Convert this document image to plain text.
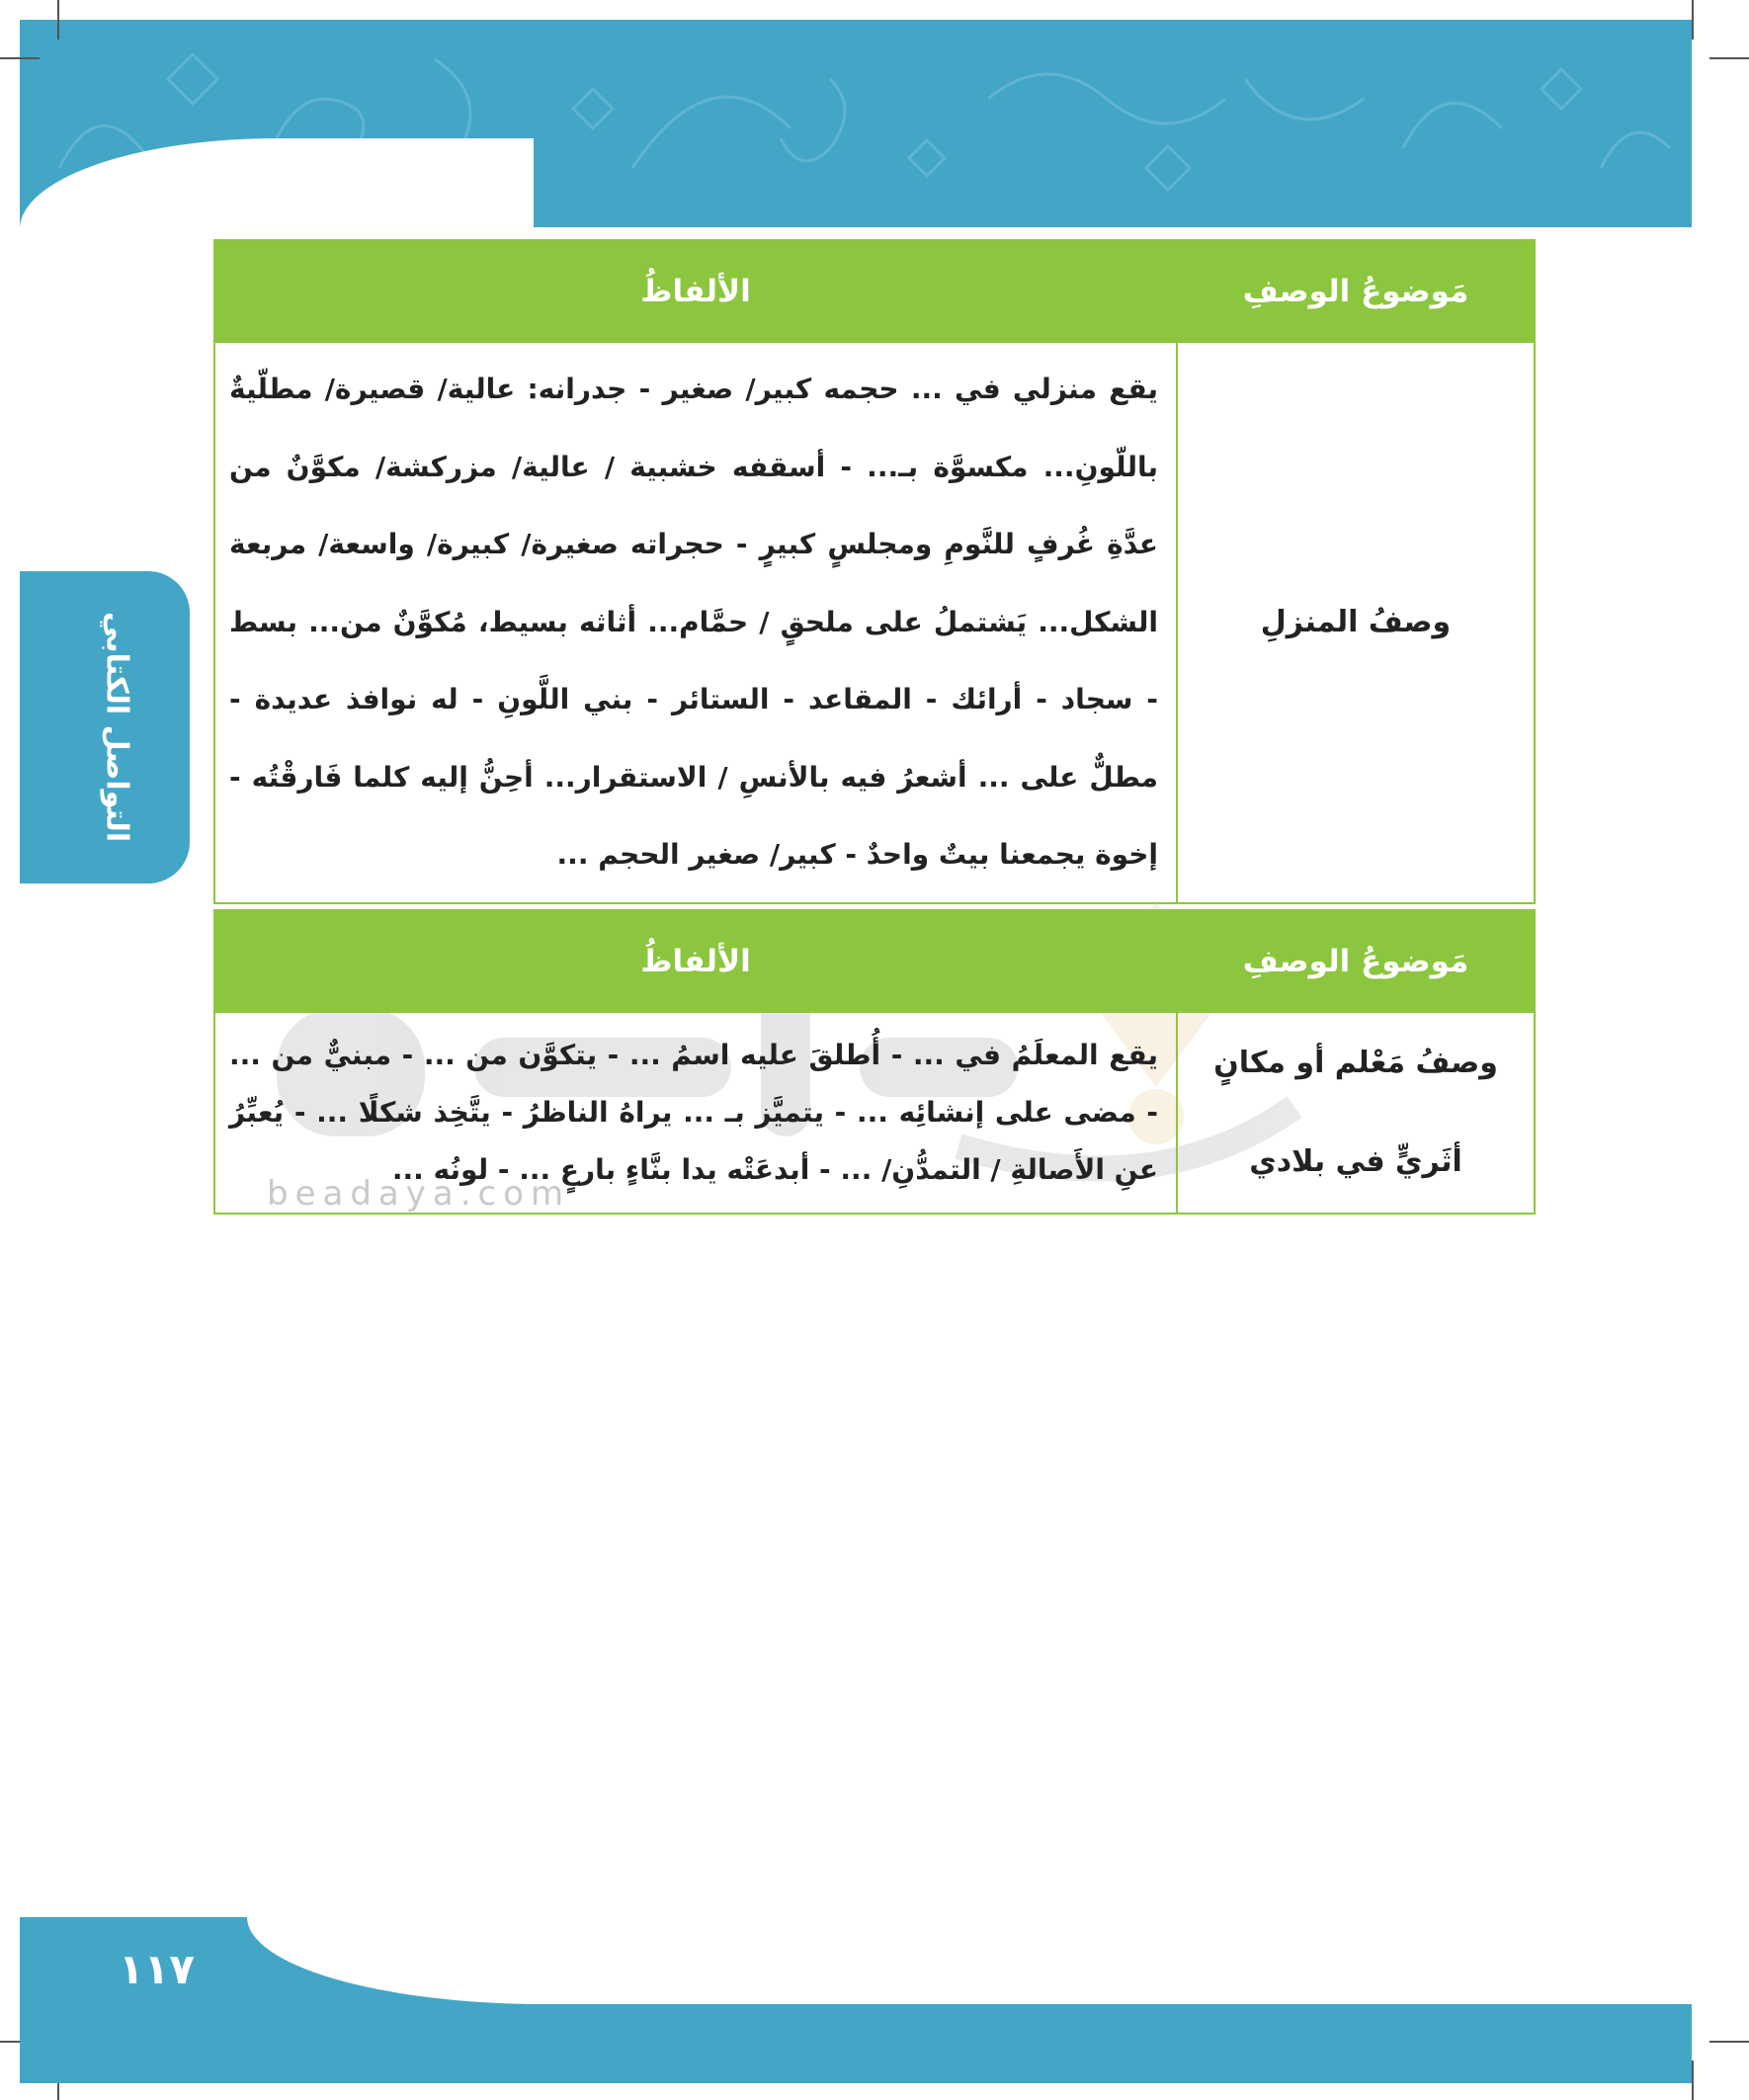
التواصل الكتابي
مَوضوعُ الوصفِ	الألفاظُ
وصفُ المنزلِ	يقع منزلي في ... حجمه كبير/ صغير - جدرانه: عالية/ قصيرة/ مطلّيةٌ باللّونِ... مكسوَّة بـ... - أسقفه خشبية / عالية/ مزركشة/ مكوَّنٌ من عدَّةِ غُرفٍ للنَّومِ ومجلسٍ كبيرٍ - حجراته صغيرة/ كبيرة/ واسعة/ مربعة الشكل... يَشتملُ على ملحقٍ / حمَّام... أثاثه بسيط، مُكوَّنٌ من... بسط - سجاد - أرائك - المقاعد - الستائر - بني اللَّونِ - له نوافذ عديدة - مطلٌّ على ... أشعرُ فيه بالأنسِ / الاستقرار... أحِنُّ إليه كلما فَارقْتُه - إخوة يجمعنا بيتٌ واحدٌ - كبير/ صغير الحجم ...
beadaya.com
مَوضوعُ الوصفِ	الألفاظُ

وصفُ مَعْلم أو مكانٍ
أثَريٍّ في بلادي	يقع المعلَمُ في ... - أُطلقَ عليه اسمُ ... - يتكوَّن من ... - مبنيٌّ من ... - مضى على إنشائِه ... - يتميَّز بـ ... يراهُ الناظرُ - يتَّخِذ شكلًا ... - يُعبِّرُ عنِ الأَصالةِ / التمدُّنِ/ ... - أبدعَتْه يدا بنَّاءٍ بارعٍ ... - لونُه ...
١١٧
